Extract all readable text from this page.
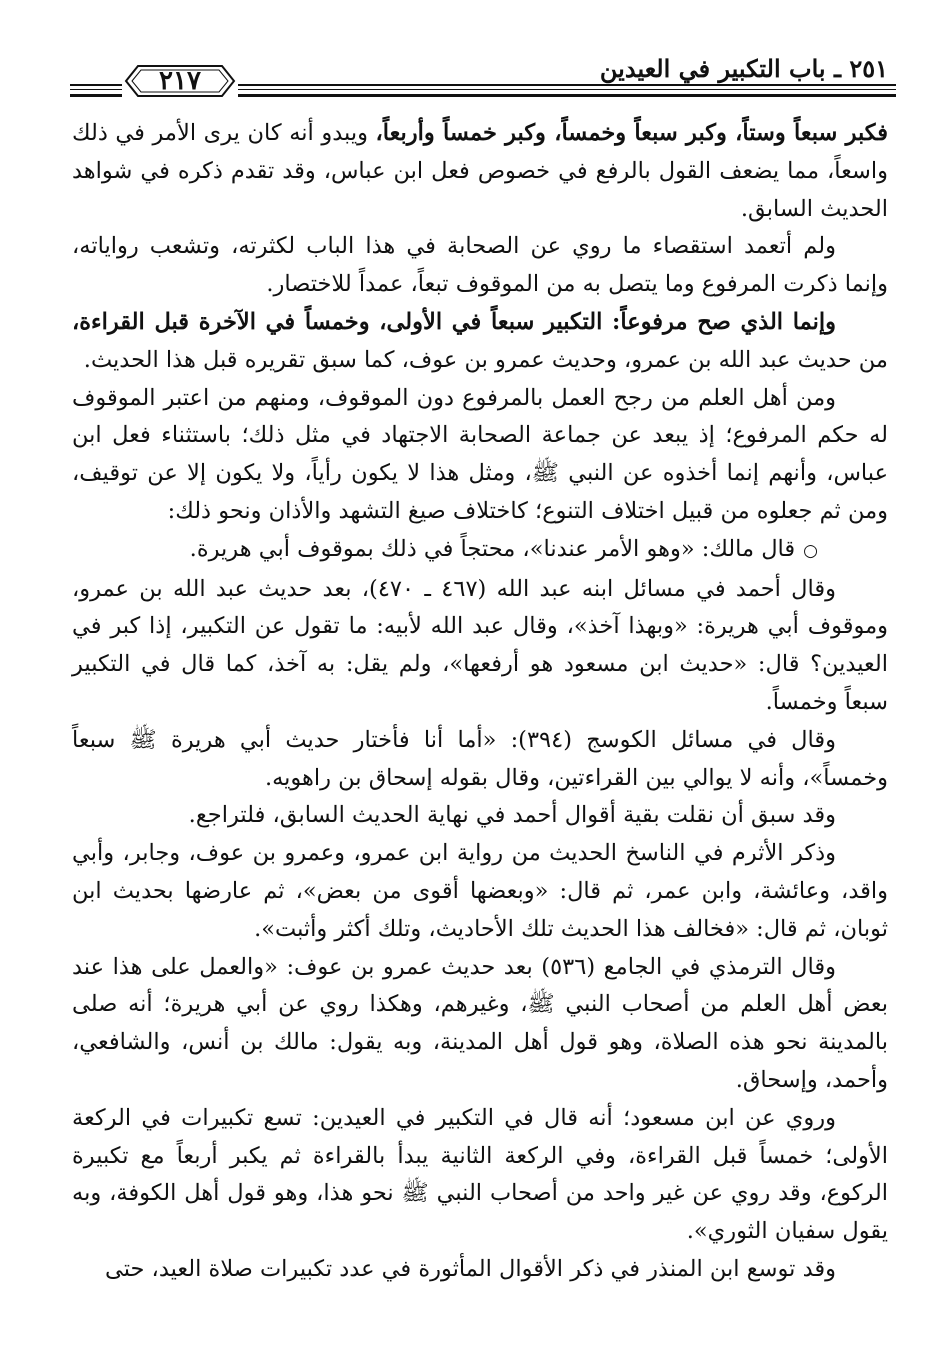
٢٥١ ـ باب التكبير في العيدين
٢١٧

فكبر سبعاً وستاً، وكبر سبعاً وخمساً، وكبر خمساً وأربعاً، ويبدو أنه كان يرى الأمر في ذلك واسعاً، مما يضعف القول بالرفع في خصوص فعل ابن عباس، وقد تقدم ذكره في شواهد الحديث السابق.

ولم أتعمد استقصاء ما روي عن الصحابة في هذا الباب لكثرته، وتشعب رواياته، وإنما ذكرت المرفوع وما يتصل به من الموقوف تبعاً، عمداً للاختصار.

وإنما الذي صح مرفوعاً: التكبير سبعاً في الأولى، وخمساً في الآخرة قبل القراءة، من حديث عبد الله بن عمرو، وحديث عمرو بن عوف، كما سبق تقريره قبل هذا الحديث.

ومن أهل العلم من رجح العمل بالمرفوع دون الموقوف، ومنهم من اعتبر الموقوف له حكم المرفوع؛ إذ يبعد عن جماعة الصحابة الاجتهاد في مثل ذلك؛ باستثناء فعل ابن عباس، وأنهم إنما أخذوه عن النبي ﷺ، ومثل هذا لا يكون رأياً، ولا يكون إلا عن توقيف، ومن ثم جعلوه من قبيل اختلاف التنوع؛ كاختلاف صيغ التشهد والأذان ونحو ذلك:

○قال مالك: «وهو الأمر عندنا»، محتجاً في ذلك بموقوف أبي هريرة.

وقال أحمد في مسائل ابنه عبد الله (٤٦٧ ـ ٤٧٠)، بعد حديث عبد الله بن عمرو، وموقوف أبي هريرة: «وبهذا آخذ»، وقال عبد الله لأبيه: ما تقول عن التكبير، إذا كبر في العيدين؟ قال: «حديث ابن مسعود هو أرفعها»، ولم يقل: به آخذ، كما قال في التكبير سبعاً وخمساً.

وقال في مسائل الكوسج (٣٩٤): «أما أنا فأختار حديث أبي هريرة ﷺ سبعاً وخمساً»، وأنه لا يوالي بين القراءتين، وقال بقوله إسحاق بن راهويه.

وقد سبق أن نقلت بقية أقوال أحمد في نهاية الحديث السابق، فلتراجع.

وذكر الأثرم في الناسخ الحديث من رواية ابن عمرو، وعمرو بن عوف، وجابر، وأبي واقد، وعائشة، وابن عمر، ثم قال: «وبعضها أقوى من بعض»، ثم عارضها بحديث ابن ثوبان، ثم قال: «فخالف هذا الحديث تلك الأحاديث، وتلك أكثر وأثبت».

وقال الترمذي في الجامع (٥٣٦) بعد حديث عمرو بن عوف: «والعمل على هذا عند بعض أهل العلم من أصحاب النبي ﷺ، وغيرهم، وهكذا روي عن أبي هريرة؛ أنه صلى بالمدينة نحو هذه الصلاة، وهو قول أهل المدينة، وبه يقول: مالك بن أنس، والشافعي، وأحمد، وإسحاق.

وروي عن ابن مسعود؛ أنه قال في التكبير في العيدين: تسع تكبيرات في الركعة الأولى؛ خمساً قبل القراءة، وفي الركعة الثانية يبدأ بالقراءة ثم يكبر أربعاً مع تكبيرة الركوع، وقد روي عن غير واحد من أصحاب النبي ﷺ نحو هذا، وهو قول أهل الكوفة، وبه يقول سفيان الثوري».

وقد توسع ابن المنذر في ذكر الأقوال المأثورة في عدد تكبيرات صلاة العيد، حتى
